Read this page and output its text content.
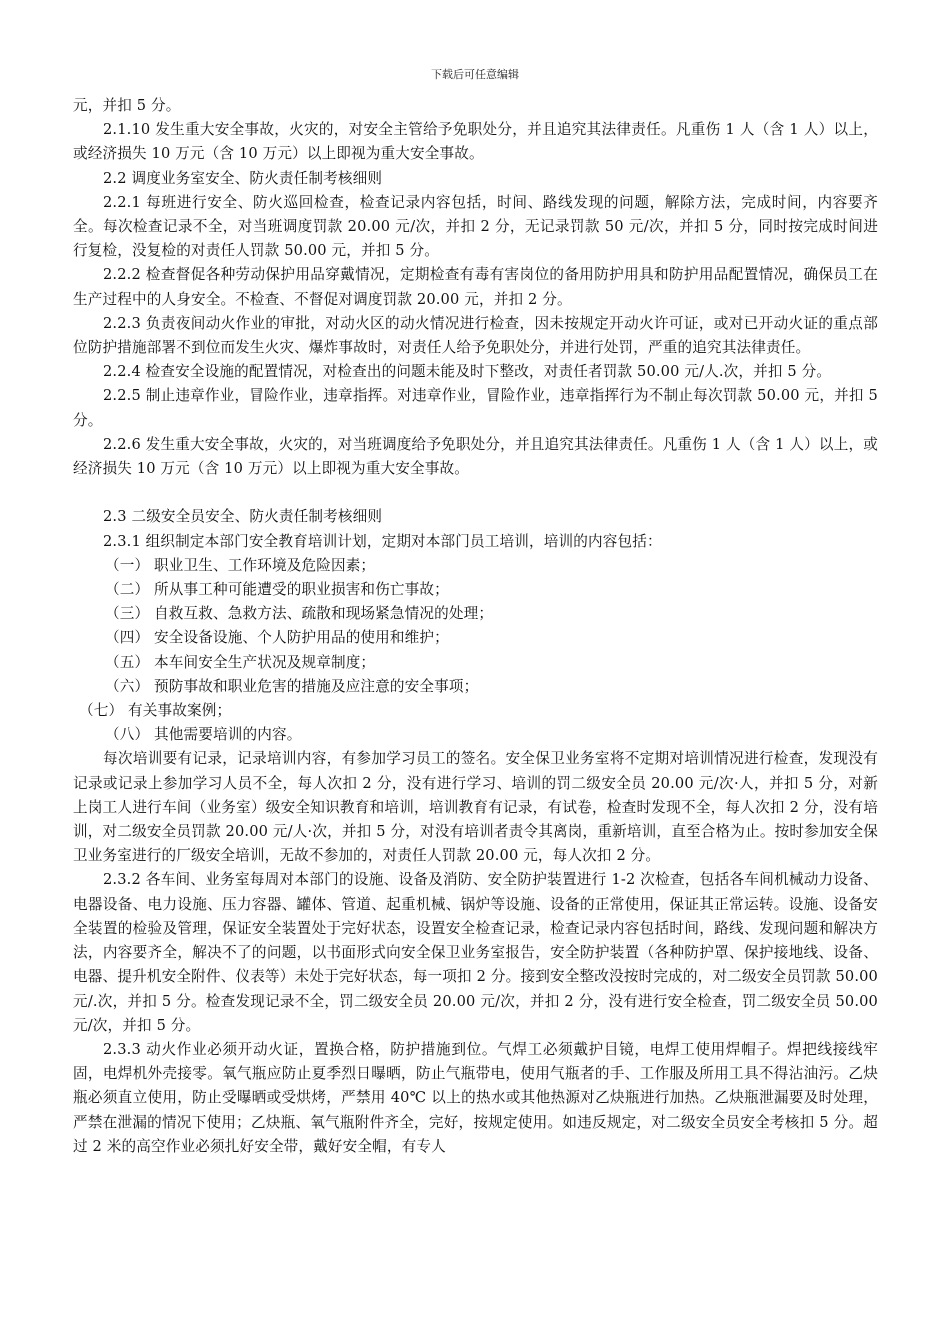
下载后可任意编辑

元，并扣 5 分。

2.1.10 发生重大安全事故，火灾的，对安全主管给予免职处分，并且追究其法律责任。凡重伤 1 人（含 1 人）以上，或经济损失 10 万元（含 10 万元）以上即视为重大安全事故。

2.2 调度业务室安全、防火责任制考核细则

2.2.1 每班进行安全、防火巡回检查，检查记录内容包括，时间、路线发现的问题，解除方法，完成时间，内容要齐全。每次检查记录不全，对当班调度罚款 20.00 元/次，并扣 2 分，无记录罚款 50 元/次，并扣 5 分，同时按完成时间进行复检，没复检的对责任人罚款 50.00 元，并扣 5 分。

2.2.2 检查督促各种劳动保护用品穿戴情况，定期检查有毒有害岗位的备用防护用具和防护用品配置情况，确保员工在生产过程中的人身安全。不检查、不督促对调度罚款 20.00 元，并扣 2 分。

2.2.3 负责夜间动火作业的审批，对动火区的动火情况进行检查，因未按规定开动火许可证，或对已开动火证的重点部位防护措施部署不到位而发生火灾、爆炸事故时，对责任人给予免职处分，并进行处罚，严重的追究其法律责任。

2.2.4 检查安全设施的配置情况，对检查出的问题未能及时下整改，对责任者罚款 50.00 元/人.次，并扣 5 分。

2.2.5 制止违章作业，冒险作业，违章指挥。对违章作业，冒险作业，违章指挥行为不制止每次罚款 50.00 元，并扣 5 分。

2.2.6 发生重大安全事故，火灾的，对当班调度给予免职处分，并且追究其法律责任。凡重伤 1 人（含 1 人）以上，或经济损失 10 万元（含 10 万元）以上即视为重大安全事故。

2.3 二级安全员安全、防火责任制考核细则

2.3.1 组织制定本部门安全教育培训计划，定期对本部门员工培训，培训的内容包括：

（一） 职业卫生、工作环境及危险因素；

（二） 所从事工种可能遭受的职业损害和伤亡事故；

（三） 自救互救、急救方法、疏散和现场紧急情况的处理；

（四） 安全设备设施、个人防护用品的使用和维护；

（五） 本车间安全生产状况及规章制度；

（六） 预防事故和职业危害的措施及应注意的安全事项；

（七） 有关事故案例；

（八） 其他需要培训的内容。

每次培训要有记录，记录培训内容，有参加学习员工的签名。安全保卫业务室将不定期对培训情况进行检查，发现没有记录或记录上参加学习人员不全，每人次扣 2 分，没有进行学习、培训的罚二级安全员 20.00 元/次·人，并扣 5 分，对新上岗工人进行车间（业务室）级安全知识教育和培训，培训教育有记录，有试卷，检查时发现不全，每人次扣 2 分，没有培训，对二级安全员罚款 20.00 元/人·次，并扣 5 分，对没有培训者责令其离岗，重新培训，直至合格为止。按时参加安全保卫业务室进行的厂级安全培训，无故不参加的，对责任人罚款 20.00 元，每人次扣 2 分。

2.3.2 各车间、业务室每周对本部门的设施、设备及消防、安全防护装置进行 1-2 次检查，包括各车间机械动力设备、电器设备、电力设施、压力容器、罐体、管道、起重机械、锅炉等设施、设备的正常使用，保证其正常运转。设施、设备安全装置的检验及管理，保证安全装置处于完好状态，设置安全检查记录，检查记录内容包括时间，路线、发现问题和解决方法，内容要齐全，解决不了的问题，以书面形式向安全保卫业务室报告，安全防护装置（各种防护罩、保护接地线、设备、电器、提升机安全附件、仪表等）未处于完好状态，每一项扣 2 分。接到安全整改没按时完成的，对二级安全员罚款 50.00 元/.次，并扣 5 分。检查发现记录不全，罚二级安全员 20.00 元/次，并扣 2 分，没有进行安全检查，罚二级安全员 50.00 元/次，并扣 5 分。

2.3.3 动火作业必须开动火证，置换合格，防护措施到位。气焊工必须戴护目镜，电焊工使用焊帽子。焊把线接线牢固，电焊机外壳接零。氧气瓶应防止夏季烈日曝晒，防止气瓶带电，使用气瓶者的手、工作服及所用工具不得沾油污。乙炔瓶必须直立使用，防止受曝晒或受烘烤，严禁用 40℃ 以上的热水或其他热源对乙炔瓶进行加热。乙炔瓶泄漏要及时处理，严禁在泄漏的情况下使用；乙炔瓶、氧气瓶附件齐全，完好，按规定使用。如违反规定，对二级安全员安全考核扣 5 分。超过 2 米的高空作业必须扎好安全带，戴好安全帽，有专人
